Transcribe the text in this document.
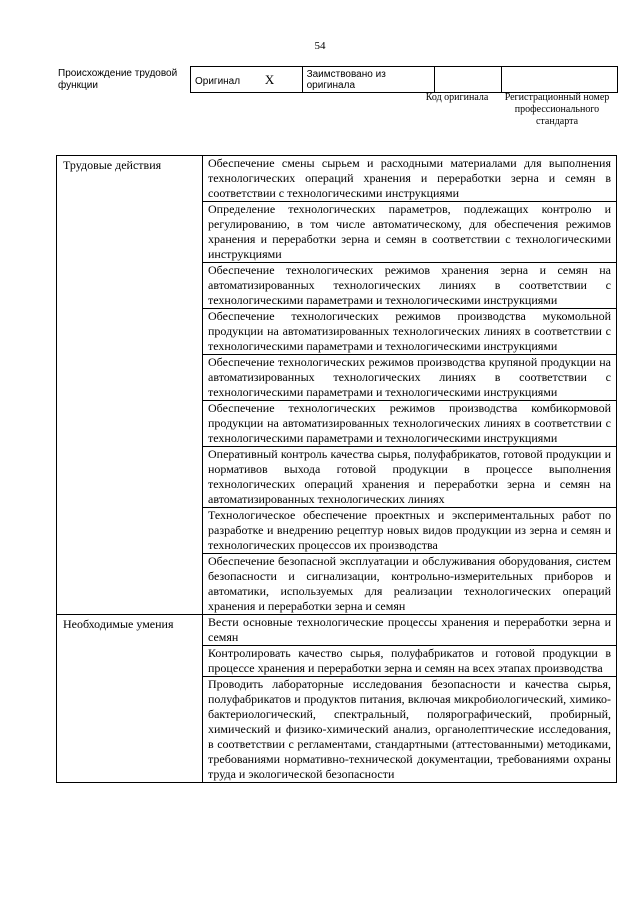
54
Происхождение трудовой функции	Оригинал X	Заимствовано из оригинала		
Код оригинала	Регистрационный номер профессионального стандарта
Трудовые действия	Обеспечение смены сырьем и расходными материалами для выполнения технологических операций хранения и переработки зерна и семян в соответствии с технологическими инструкциями
	Определение технологических параметров, подлежащих контролю и регулированию, в том числе автоматическому, для обеспечения режимов хранения и переработки зерна и семян в соответствии с технологическими инструкциями
	Обеспечение технологических режимов хранения зерна и семян на автоматизированных технологических линиях в соответствии с технологическими параметрами и технологическими инструкциями
	Обеспечение технологических режимов производства мукомольной продукции на автоматизированных технологических линиях в соответствии с технологическими параметрами и технологическими инструкциями
	Обеспечение технологических режимов производства крупяной продукции на автоматизированных технологических линиях в соответствии с технологическими параметрами и технологическими инструкциями
	Обеспечение технологических режимов производства комбикормовой продукции на автоматизированных технологических линиях в соответствии с технологическими параметрами и технологическими инструкциями
	Оперативный контроль качества сырья, полуфабрикатов, готовой продукции и нормативов выхода готовой продукции в процессе выполнения технологических операций хранения и переработки зерна и семян на автоматизированных технологических линиях
	Технологическое обеспечение проектных и экспериментальных работ по разработке и внедрению рецептур новых видов продукции из зерна и семян и технологических процессов их производства
	Обеспечение безопасной эксплуатации и обслуживания оборудования, систем безопасности и сигнализации, контрольно-измерительных приборов и автоматики, используемых для реализации технологических операций хранения и переработки зерна и семян
Необходимые умения	Вести основные технологические процессы хранения и переработки зерна и семян
	Контролировать качество сырья, полуфабрикатов и готовой продукции в процессе хранения и переработки зерна и семян на всех этапах производства
	Проводить лабораторные исследования безопасности и качества сырья, полуфабрикатов и продуктов питания, включая микробиологический, химико-бактериологический, спектральный, полярографический, пробирный, химический и физико-химический анализ, органолептические исследования, в соответствии с регламентами, стандартными (аттестованными) методиками, требованиями нормативно-технической документации, требованиями охраны труда и экологической безопасности
